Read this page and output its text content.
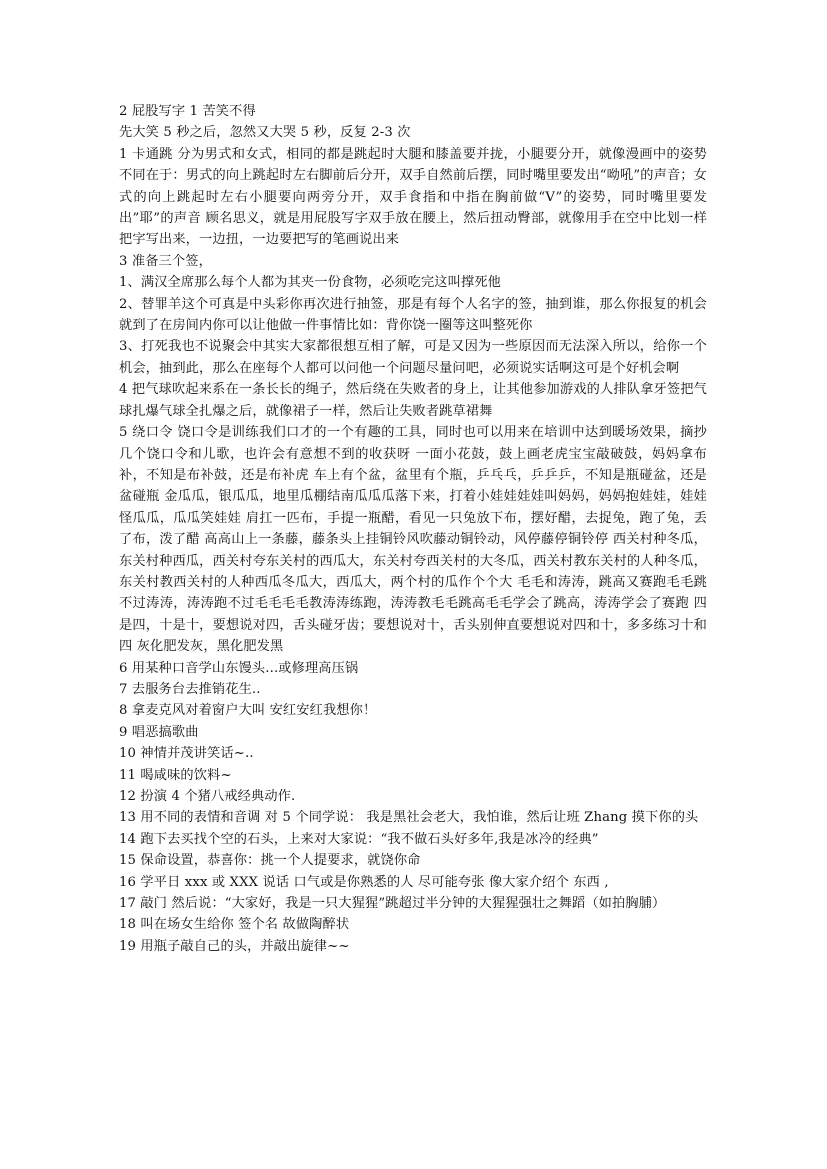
2 屁股写字 1 苦笑不得

先大笑 5 秒之后，忽然又大哭 5 秒，反复 2-3 次

1 卡通跳 分为男式和女式，相同的都是跳起时大腿和膝盖要并拢，小腿要分开，就像漫画中的姿势不同在于：男式的向上跳起时左右脚前后分开，双手自然前后摆，同时嘴里要发出“呦吼”的声音；女式的向上跳起时左右小腿要向两旁分开，双手食指和中指在胸前做“V”的姿势，同时嘴里要发出”耶”的声音 顾名思义，就是用屁股写字双手放在腰上，然后扭动臀部，就像用手在空中比划一样把字写出来，一边扭，一边要把写的笔画说出来

3 准备三个签，

1、满汉全席那么每个人都为其夹一份食物，必须吃完这叫撑死他

2、替罪羊这个可真是中头彩你再次进行抽签，那是有每个人名字的签，抽到谁，那么你报复的机会就到了在房间内你可以让他做一件事情比如：背你饶一圈等这叫整死你

3、打死我也不说聚会中其实大家都很想互相了解，可是又因为一些原因而无法深入所以，给你一个机会，抽到此，那么在座每个人都可以问他一个问题尽量问吧，必须说实话啊这可是个好机会啊

4 把气球吹起来系在一条长长的绳子，然后绕在失败者的身上，让其他参加游戏的人排队拿牙签把气球扎爆气球全扎爆之后，就像裙子一样，然后让失败者跳草裙舞

5 绕口令 饶口令是训练我们口才的一个有趣的工具，同时也可以用来在培训中达到暖场效果，摘抄几个饶口令和儿歌，也许会有意想不到的收获呀 一面小花鼓，鼓上画老虎宝宝敲破鼓，妈妈拿布补，不知是布补鼓，还是布补虎 车上有个盆，盆里有个瓶，乒乓乓，乒乒乒，不知是瓶碰盆，还是盆碰瓶 金瓜瓜，银瓜瓜，地里瓜棚结南瓜瓜瓜落下来，打着小娃娃娃娃叫妈妈，妈妈抱娃娃，娃娃怪瓜瓜，瓜瓜笑娃娃 肩扛一匹布，手提一瓶醋，看见一只兔放下布，摆好醋，去捉兔，跑了兔，丢了布，泼了醋 高高山上一条藤，藤条头上挂铜铃风吹藤动铜铃动，风停藤停铜铃停 西关村种冬瓜，东关村种西瓜，西关村夸东关村的西瓜大，东关村夸西关村的大冬瓜，西关村教东关村的人种冬瓜，东关村教西关村的人种西瓜冬瓜大，西瓜大，两个村的瓜作个个大 毛毛和涛涛，跳高又赛跑毛毛跳不过涛涛，涛涛跑不过毛毛毛毛教涛涛练跑，涛涛教毛毛跳高毛毛学会了跳高，涛涛学会了赛跑 四是四，十是十，要想说对四，舌头碰牙齿；要想说对十，舌头别伸直要想说对四和十，多多练习十和四 灰化肥发灰，黑化肥发黑

6 用某种口音学山东馒头...或修理高压锅

7 去服务台去推销花生..

8 拿麦克风对着窗户大叫 安红安红我想你！

9 唱恶搞歌曲

10 神情并茂讲笑话~..

11 喝咸味的饮料~

12 扮演 4 个猪八戒经典动作.

13 用不同的表情和音调 对 5 个同学说： 我是黑社会老大，我怕谁，然后让班 Zhang 摸下你的头

14 跑下去买找个空的石头，上来对大家说：“我不做石头好多年,我是冰冷的经典”

15 保命设置，恭喜你：挑一个人提要求，就饶你命

16 学平日 xxx 或 XXX 说话 口气或是你熟悉的人 尽可能夸张 像大家介绍个 东西 ,

17 敲门 然后说：“大家好，我是一只大猩猩”跳超过半分钟的大猩猩强壮之舞蹈（如拍胸脯）

18 叫在场女生给你 签个名 故做陶醉状

19 用瓶子敲自己的头，并敲出旋律~~
